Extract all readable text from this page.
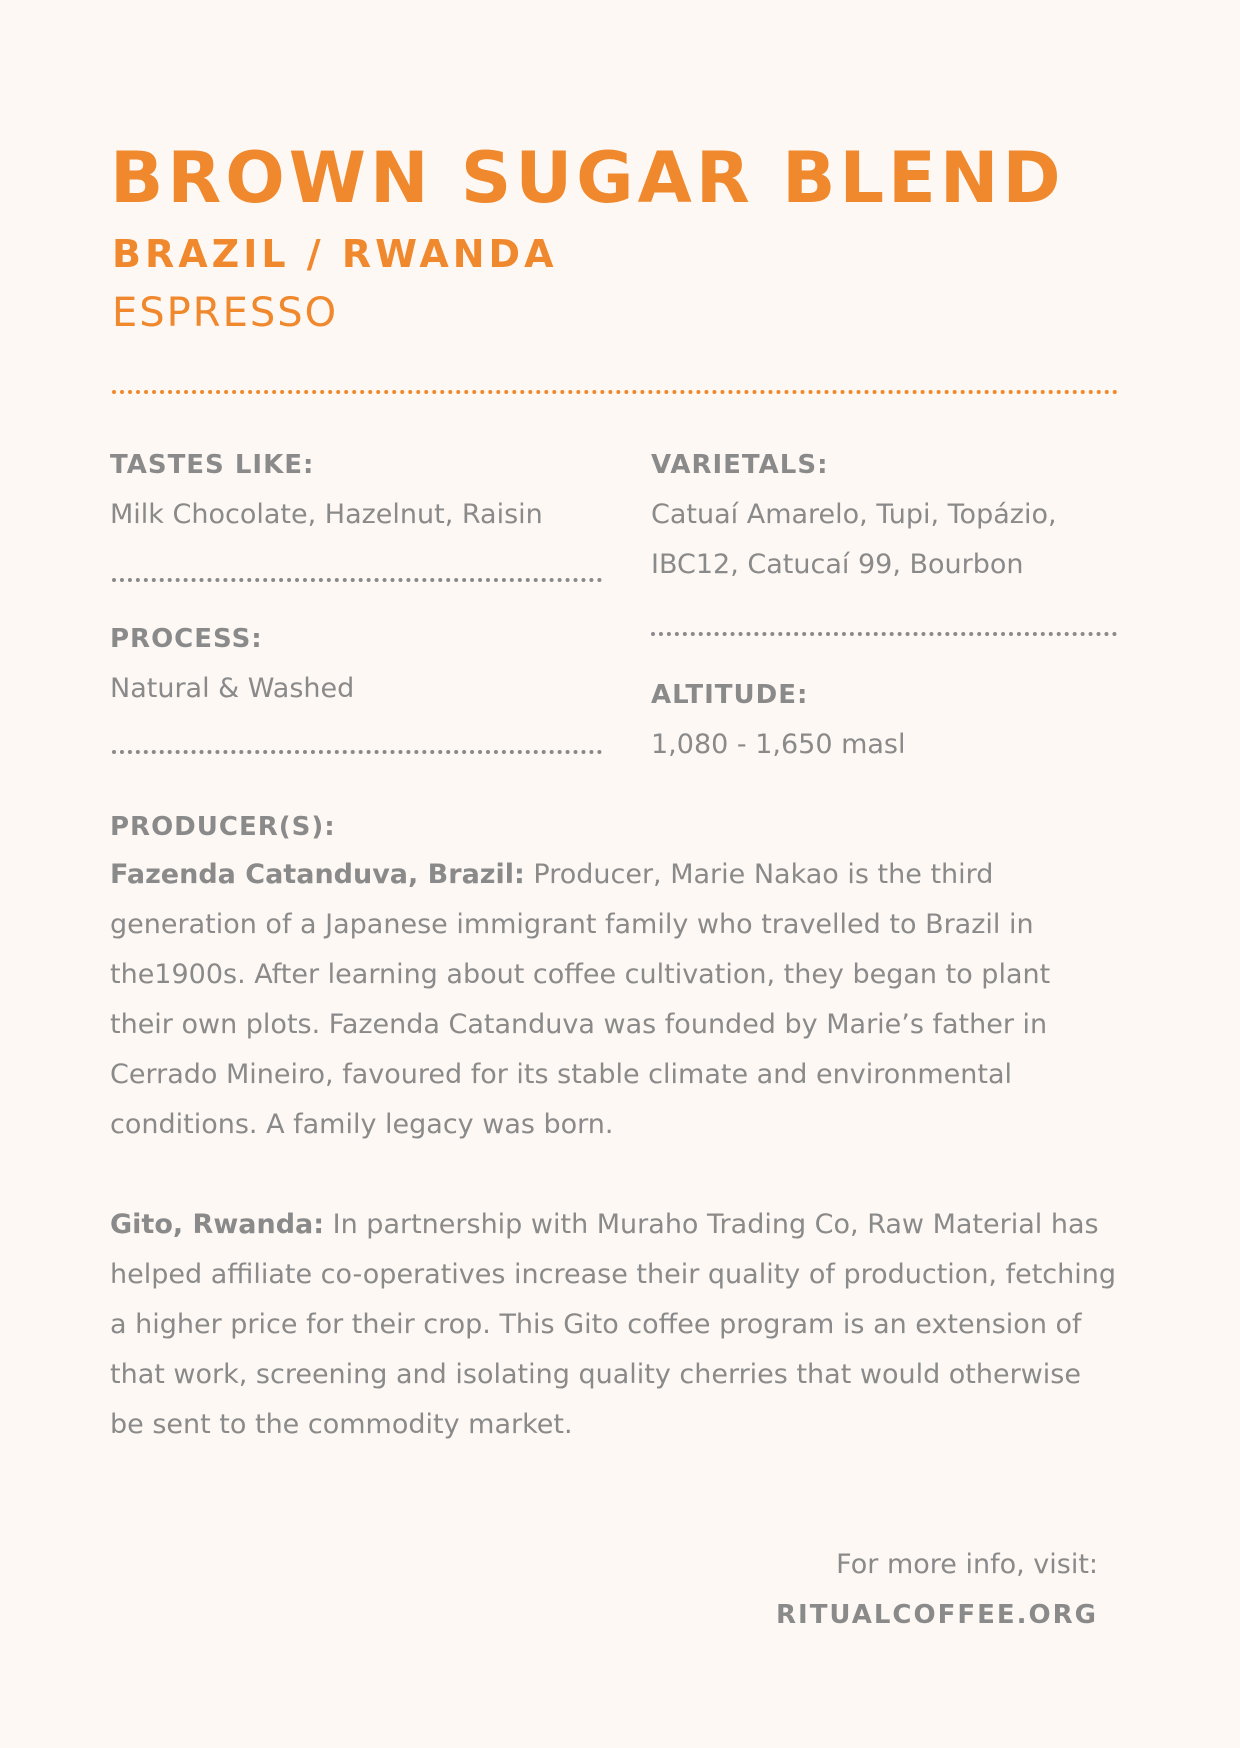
BROWN SUGAR BLEND
BRAZIL / RWANDA
ESPRESSO
TASTES LIKE:
Milk Chocolate, Hazelnut, Raisin
PROCESS:
Natural & Washed
VARIETALS:
Catuaí Amarelo, Tupi, Topázio,
IBC12, Catucaí 99, Bourbon
ALTITUDE:
1,080 - 1,650 masl
PRODUCER(S):

Fazenda Catanduva, Brazil: Producer, Marie Nakao is the third generation of a Japanese immigrant family who travelled to Brazil in the1900s. After learning about coffee cultivation, they began to plant their own plots. Fazenda Catanduva was founded by Marie’s father in Cerrado Mineiro, favoured for its stable climate and environmental conditions. A family legacy was born.

Gito, Rwanda: In partnership with Muraho Trading Co, Raw Material has helped affiliate co-operatives increase their quality of production, fetching a higher price for their crop. This Gito coffee program is an extension of that work, screening and isolating quality cherries that would otherwise be sent to the commodity market.

For more info, visit:
RITUALCOFFEE.ORG
